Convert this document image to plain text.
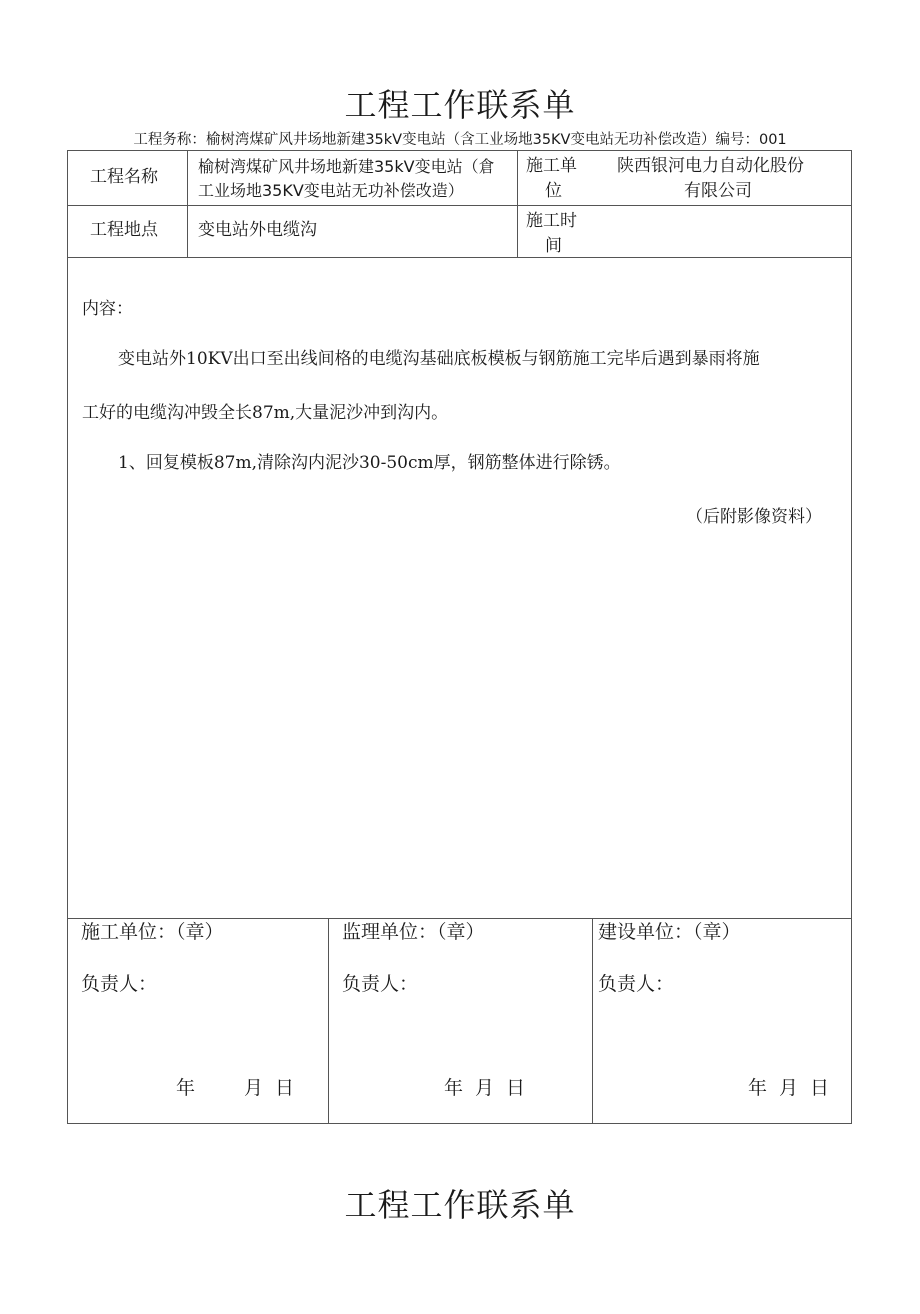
工程工作联系单
工程务称：榆树湾煤矿风井场地新建35kV变电站（含工业场地35KV变电站无功补偿改造）编号：001
工程名称
榆树湾煤矿风井场地新建35kV变电站（倉
工业场地35KV变电站无功补偿改造）
施工单
位
陕西银河电力自动化股份
有限公司
工程地点 变电站外电缆沟	施工时
间
内容：
变电站外10KV出口至出线间格的电缆沟基础底板模板与钢筋施工完毕后遇到暴雨将施
工好的电缆沟冲毁全长87m,大量泥沙冲到沟内。
1、回复模板87m,清除沟内泥沙30-50cm厚，钢筋整体进行除锈。
（后附影像资料）
施工单位：（章）
负责人：
年	月 日
监理单位：（章）
负责人：
年 月 日
建设单位：（章）
负责人：
年 月 日
工程工作联系单
